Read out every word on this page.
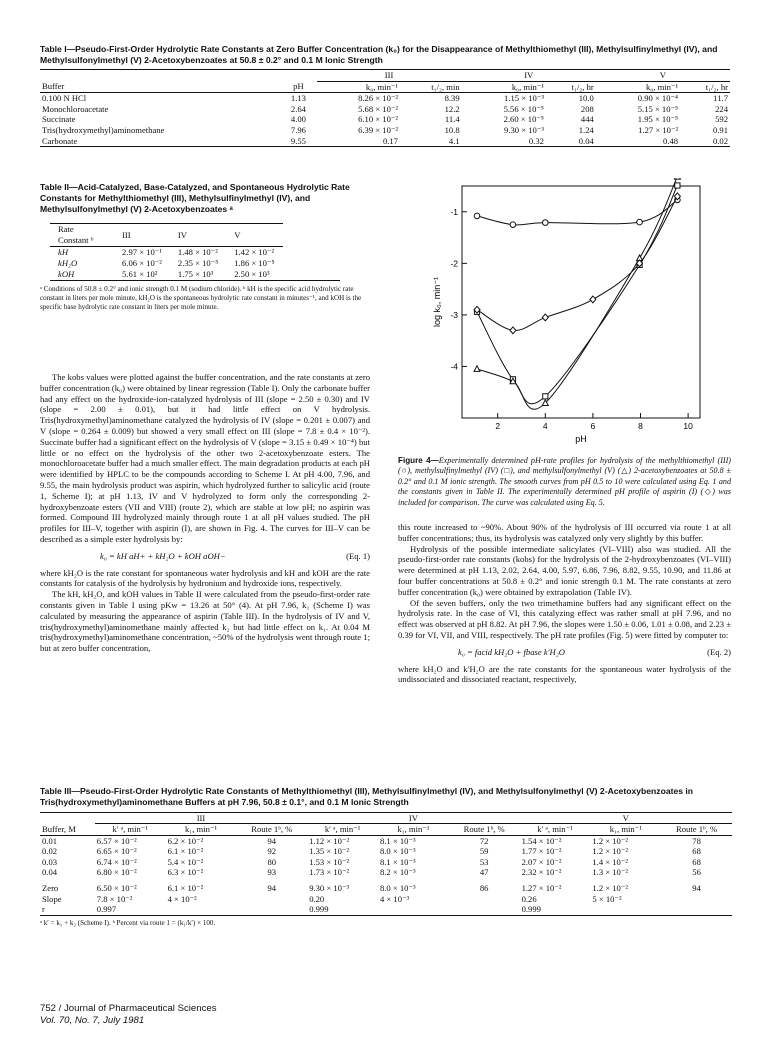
Table I—Pseudo-First-Order Hydrolytic Rate Constants at Zero Buffer Concentration (k₀) for the Disappearance of Methylthiomethyl (III), Methylsulfinylmethyl (IV), and Methylsulfonylmethyl (V) 2-Acetoxybenzoates at 50.8 ± 0.2° and 0.1 M Ionic Strength
		III		IV		V	
Buffer	pH	k₀, min⁻¹	t₁/₂, min	k₀, min⁻¹	t₁/₂, hr	k₀, min⁻¹	t₁/₂, hr
0.100 N HCl	1.13	8.26 × 10⁻²	8.39	1.15 × 10⁻³	10.0	0.90 × 10⁻⁴	11.7
Monochloroacetate	2.64	5.68 × 10⁻²	12.2	5.56 × 10⁻⁵	208	5.15 × 10⁻⁵	224
Succinate	4.00	6.10 × 10⁻²	11.4	2.60 × 10⁻⁵	444	1.95 × 10⁻⁵	592
Tris(hydroxymethyl)aminomethane	7.96	6.39 × 10⁻²	10.8	9.30 × 10⁻³	1.24	1.27 × 10⁻²	0.91
Carbonate	9.55	0.17	4.1	0.32	0.04	0.48	0.02
Table II—Acid-Catalyzed, Base-Catalyzed, and Spontaneous Hydrolytic Rate Constants for Methylthiomethyl (III), Methylsulfinylmethyl (IV), and Methylsulfonylmethyl (V) 2-Acetoxybenzoates ᵃ
Rate Constant ᵇ	III	IV	V
kH	2.97 × 10⁻¹	1.48 × 10⁻²	1.42 × 10⁻²
kH₂O	6.06 × 10⁻²	2.35 × 10⁻⁵	1.86 × 10⁻⁵
kOH	5.61 × 10²	1.75 × 10³	2.50 × 10³
ᵃ Conditions of 50.8 ± 0.2° and ionic strength 0.1 M (sodium chloride). ᵇ kH is the specific acid hydrolytic rate constant in liters per mole minute, kH₂O is the spontaneous hydrolytic rate constant in minutes⁻¹, and kOH is the specific base hydrolytic rate constant in liters per mole minute.

The kobs values were plotted against the buffer concentration, and the rate constants at zero buffer concentration (k₀) were obtained by linear regression (Table I). Only the carbonate buffer had any effect on the hydroxide-ion-catalyzed hydrolysis of III (slope = 2.50 ± 0.30) and IV (slope = 2.00 ± 0.01), but it had little effect on V hydrolysis. Tris(hydroxymethyl)aminomethane catalyzed the hydrolysis of IV (slope = 0.201 ± 0.007) and V (slope = 0.264 ± 0.009) but showed a very small effect on III (slope = 7.8 ± 0.4 × 10⁻²). Succinate buffer had a significant effect on the hydrolysis of V (slope = 3.15 ± 0.49 × 10⁻⁴) but little or no effect on the hydrolysis of the other two 2-acetoxybenzoate esters. The monochloroacetate buffer had a much smaller effect. The main degradation products at each pH were identified by HPLC to be the compounds according to Scheme I. At pH 4.00, 7.96, and 9.55, the main hydrolysis product was aspirin, which hydrolyzed further to salicylic acid (route 1, Scheme I); at pH 1.13, IV and V hydrolyzed to form only the corresponding 2-hydroxybenzoate esters (VII and VIII) (route 2), which are stable at low pH; no aspirin was formed. Compound III hydrolyzed mainly through route 1 at all pH values studied. The pH profiles for III–V, together with aspirin (I), are shown in Fig. 4. The curves for III–V can be described as a simple ester hydrolysis by:

k₀ = kH aH+ + kH₂O + kOH aOH−	(Eq. 1)

where kH₂O is the rate constant for spontaneous water hydrolysis and kH and kOH are the rate constants for catalysis of the hydrolysis by hydronium and hydroxide ions, respectively.

The kH, kH₂O, and kOH values in Table II were calculated from the pseudo-first-order rate constants given in Table I using pKw = 13.26 at 50° (4). At pH 7.96, k₁ (Scheme I) was calculated by measuring the appearance of aspirin (Table III). In the hydrolysis of IV and V, tris(hydroxymethyl)aminomethane mainly affected k₂ but had little effect on k₁. At 0.04 M tris(hydroxymethyl)aminomethane concentration, ~50% of the hydrolysis went through route 1; but at zero buffer concentration,

2	4	6	8	10
-1
-2
-3
-4
pH
log k₀, min⁻¹
Figure 4—Experimentally determined pH-rate profiles for hydrolysis of the methylthiomethyl (III) (○), methylsulfinylmethyl (IV) (□), and methylsulfonylmethyl (V) (△) 2-acetoxybenzoates at 50.8 ± 0.2° and 0.1 M ionic strength. The smooth curves from pH 0.5 to 10 were calculated using Eq. 1 and the constants given in Table II. The experimentally determined pH profile of aspirin (I) (◇) was included for comparison. The curve was calculated using Eq. 5.

this route increased to ~90%. About 90% of the hydrolysis of III occurred via route 1 at all buffer concentrations; thus, its hydrolysis was catalyzed only very slightly by this buffer.

Hydrolysis of the possible intermediate salicylates (VI–VIII) also was studied. All the pseudo-first-order rate constants (kobs) for the hydrolysis of the 2-hydroxybenzoates (VI–VIII) were determined at pH 1.13, 2.02, 2.64, 4.00, 5.97, 6.86, 7.96, 8.82, 9.55, 10.90, and 11.86 at four buffer concentrations at 50.8 ± 0.2° and ionic strength 0.1 M. The rate constants at zero buffer concentration (k₀) were obtained by extrapolation (Table IV).

Of the seven buffers, only the two trimethamine buffers had any significant effect on the hydrolysis rate. In the case of VI, this catalyzing effect was rather small at pH 7.96, and no effect was observed at pH 8.82. At pH 7.96, the slopes were 1.50 ± 0.06, 1.01 ± 0.08, and 2.23 ± 0.39 for VI, VII, and VIII, respectively. The pH rate profiles (Fig. 5) were fitted by computer to:

k₀ = facid kH₂O + fbase k′H₂O	(Eq. 2)

where kH₂O and k′H₂O are the rate constants for the spontaneous water hydrolysis of the undissociated and dissociated reactant, respectively,

Table III—Pseudo-First-Order Hydrolytic Rate Constants of Methylthiomethyl (III), Methylsulfinylmethyl (IV), and Methylsulfonylmethyl (V) 2-Acetoxybenzoates in Tris(hydroxymethyl)aminomethane Buffers at pH 7.96, 50.8 ± 0.1°, and 0.1 M Ionic Strength
	III			IV			V		
Buffer, M	k′ ᵃ, min⁻¹	k₁, min⁻¹	Route 1ᵇ, %	k′ ᵃ, min⁻¹	k₁, min⁻¹	Route 1ᵇ, %	k′ ᵃ, min⁻¹	k₁, min⁻¹	Route 1ᵇ, %
0.01	6.57 × 10⁻²	6.2 × 10⁻²	94	1.12 × 10⁻²	8.1 × 10⁻³	72	1.54 × 10⁻²	1.2 × 10⁻²	78
0.02	6.65 × 10⁻²	6.1 × 10⁻²	92	1.35 × 10⁻²	8.0 × 10⁻³	59	1.77 × 10⁻²	1.2 × 10⁻²	68
0.03	6.74 × 10⁻²	5.4 × 10⁻²	80	1.53 × 10⁻²	8.1 × 10⁻³	53	2.07 × 10⁻²	1.4 × 10⁻²	68
0.04	6.80 × 10⁻²	6.3 × 10⁻²	93	1.73 × 10⁻²	8.2 × 10⁻³	47	2.32 × 10⁻²	1.3 × 10⁻²	56
Zero	6.50 × 10⁻²	6.1 × 10⁻²	94	9.30 × 10⁻³	8.0 × 10⁻³	86	1.27 × 10⁻²	1.2 × 10⁻²	94
Slope	7.8 × 10⁻²	4 × 10⁻²		0.20	4 × 10⁻³		0.26	5 × 10⁻²	
r	0.997			0.999			0.999		
ᵃ k′ = k₁ + k₂ (Scheme I). ᵇ Percent via route 1 = (k₁/k′) × 100.
752 / Journal of Pharmaceutical Sciences
Vol. 70, No. 7, July 1981
